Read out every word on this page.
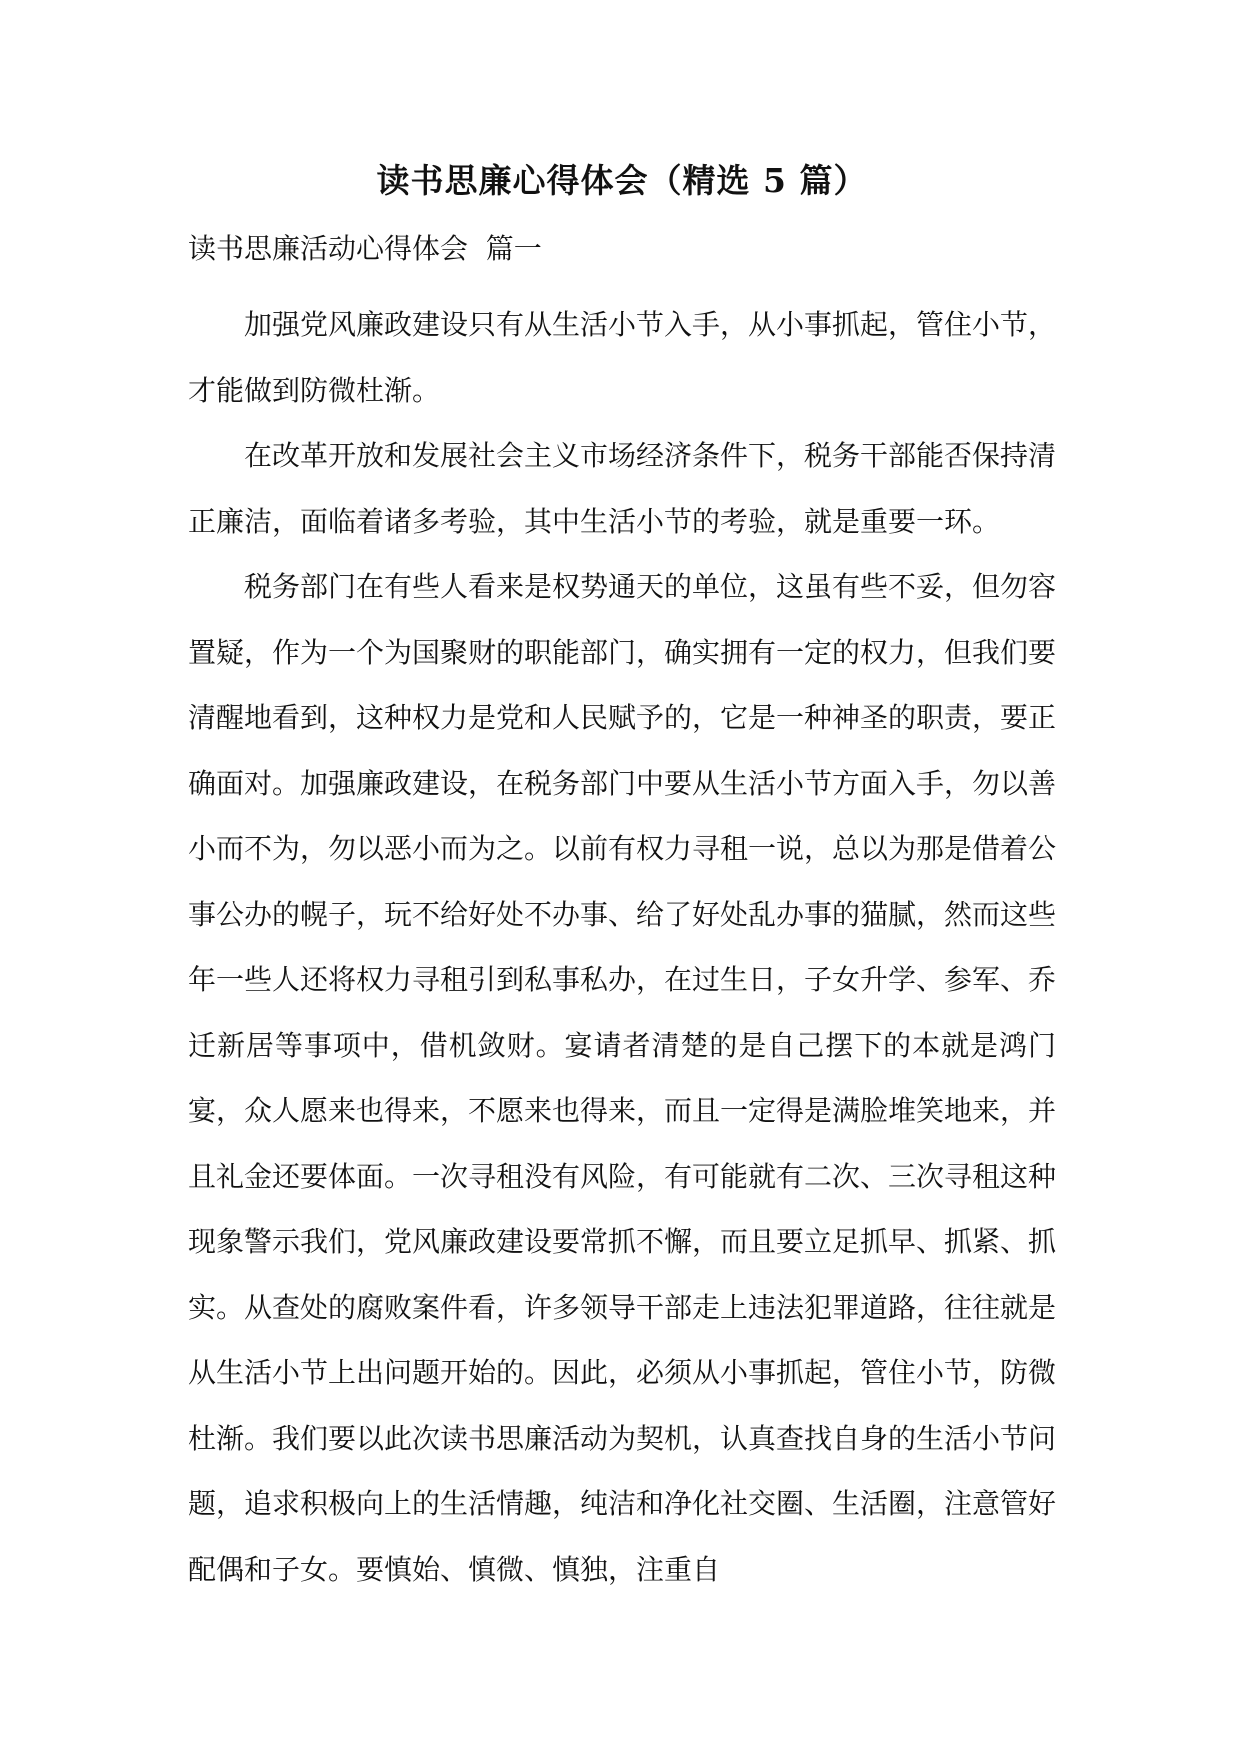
读书思廉心得体会（精选 5 篇）

读书思廉活动心得体会  篇一

加强党风廉政建设只有从生活小节入手，从小事抓起，管住小节，才能做到防微杜渐。

在改革开放和发展社会主义市场经济条件下，税务干部能否保持清正廉洁，面临着诸多考验，其中生活小节的考验，就是重要一环。

税务部门在有些人看来是权势通天的单位，这虽有些不妥，但勿容置疑，作为一个为国聚财的职能部门，确实拥有一定的权力，但我们要清醒地看到，这种权力是党和人民赋予的，它是一种神圣的职责，要正确面对。加强廉政建设，在税务部门中要从生活小节方面入手，勿以善小而不为，勿以恶小而为之。以前有权力寻租一说，总以为那是借着公事公办的幌子，玩不给好处不办事、给了好处乱办事的猫腻，然而这些年一些人还将权力寻租引到私事私办，在过生日，子女升学、参军、乔迁新居等事项中，借机敛财。宴请者清楚的是自己摆下的本就是鸿门宴，众人愿来也得来，不愿来也得来，而且一定得是满脸堆笑地来，并且礼金还要体面。一次寻租没有风险，有可能就有二次、三次寻租这种现象警示我们，党风廉政建设要常抓不懈，而且要立足抓早、抓紧、抓实。从查处的腐败案件看，许多领导干部走上违法犯罪道路，往往就是从生活小节上出问题开始的。因此，必须从小事抓起，管住小节，防微杜渐。我们要以此次读书思廉活动为契机，认真查找自身的生活小节问题，追求积极向上的生活情趣，纯洁和净化社交圈、生活圈，注意管好配偶和子女。要慎始、慎微、慎独，注重自
